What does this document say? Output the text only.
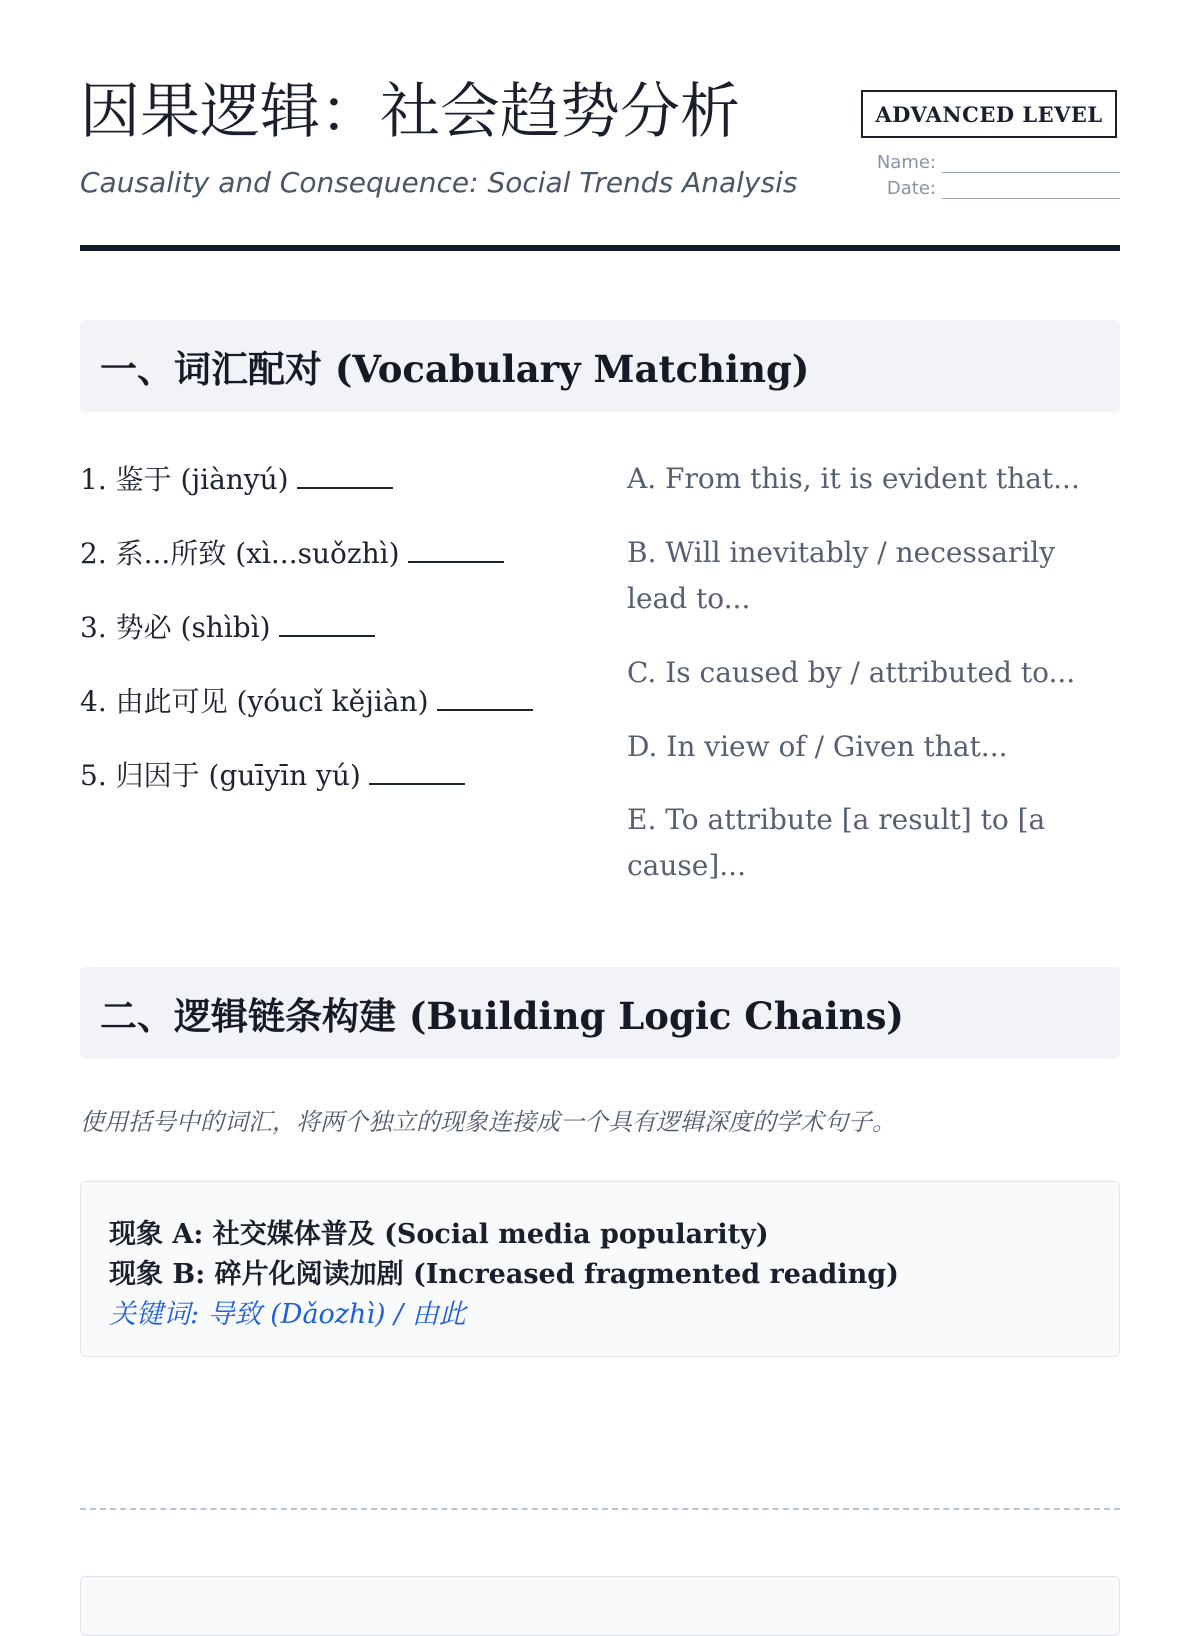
因果逻辑：社会趋势分析
Causality and Consequence: Social Trends Analysis
ADVANCED LEVEL
Name:
Date:
一、词汇配对 (Vocabulary Matching)
1. 鉴于 (jiànyú)
2. 系...所致 (xì...suǒzhì)
3. 势必 (shìbì)
4. 由此可见 (yóucǐ kějiàn)
5. 归因于 (guīyīn yú)
A. From this, it is evident that...
B. Will inevitably / necessarily lead to...
C. Is caused by / attributed to...
D. In view of / Given that...
E. To attribute [a result] to [a cause]...
二、逻辑链条构建 (Building Logic Chains)
使用括号中的词汇，将两个独立的现象连接成一个具有逻辑深度的学术句子。
现象 A: 社交媒体普及 (Social media popularity)
现象 B: 碎片化阅读加剧 (Increased fragmented reading)
关键词: 导致 (Dǎozhì) / 由此
